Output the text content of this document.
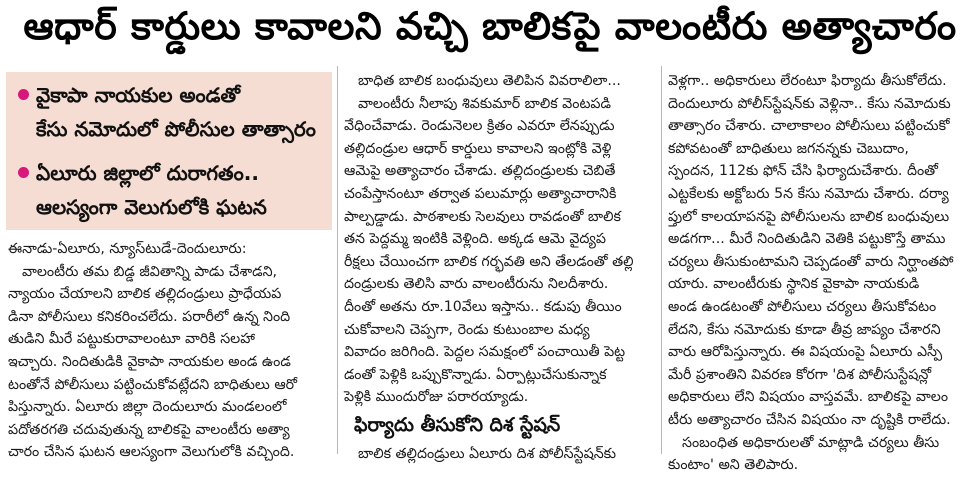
ఆధార్ కార్డులు కావాలని వచ్చి బాలికపై వాలంటీరు అత్యాచారం
వైకాపా నాయకుల అండతో
కేసు నమోదులో పోలీసుల తాత్సారం
ఏలూరు జిల్లాలో దురాగతం..
ఆలస్యంగా వెలుగులోకి ఘటన

ఈనాడు-ఏలూరు, న్యూస్‌టుడే-దెందులూరు:

వాలంటీరు తమ బిడ్డ జీవితాన్ని పాడు చేశాడని,

న్యాయం చేయాలని బాలిక తల్లిదండ్రులు ప్రాధేయప

డినా పోలీసులు కనికరించలేదు. పరారీలో ఉన్న నింది

తుడిని మీరే పట్టుకురావాలంటూ వారికి సలహా

ఇచ్చారు. నిందితుడికి వైకాపా నాయకుల అండ ఉండ

టంతోనే పోలీసులు పట్టించుకోవట్లేదని బాధితులు ఆరో

పిస్తున్నారు. ఏలూరు జిల్లా దెందులూరు మండలంలో

పదోతరగతి చదువుతున్న బాలికపై వాలంటీరు అత్యా

చారం చేసిన ఘటన ఆలస్యంగా వెలుగులోకి వచ్చింది.

బాధిత బాలిక బంధువులు తెలిపిన వివరాలిలా...

వాలంటీరు నీలాపు శివకుమార్ బాలిక వెంటపడి

వేధించేవాడు. రెండునెలల క్రితం ఎవరూ లేనప్పుడు

తల్లిదండ్రుల ఆధార్ కార్డులు కావాలని ఇంట్లోకి వెళ్లి

ఆమెపై అత్యాచారం చేశాడు. తల్లిదండ్రులకు చెబితే

చంపేస్తానంటూ తర్వాత పలుమార్లు అత్యాచారానికి

పాల్పడ్డాడు. పాఠశాలకు సెలవులు రావడంతో బాలిక

తన పెద్దమ్మ ఇంటికి వెళ్లింది. అక్కడ ఆమె వైద్యప

రీక్షలు చేయించగా బాలిక గర్భవతి అని తేలడంతో తల్లి

దండ్రులకు తెలిసి వారు వాలంటీరును నిలదీశారు.

దీంతో అతను రూ.10వేలు ఇస్తాను.. కడుపు తీయిం

చుకోవాలని చెప్పగా, రెండు కుటుంబాల మధ్య

వివాదం జరిగింది. పెద్దల సమక్షంలో పంచాయితీ పెట్ట

డంతో పెళ్లికి ఒప్పుకొన్నాడు. ఏర్పాట్లుచేసుకున్నాక

పెళ్లికి ముందురోజు పరారయ్యాడు.

ఫిర్యాదు తీసుకోని దిశ స్టేషన్

బాలిక తల్లిదండ్రులు ఏలూరు దిశ పోలీస్‌స్టేషన్‌కు

వెళ్లగా.. అధికారులు లేరంటూ ఫిర్యాదు తీసుకోలేదు.

దెందులూరు పోలీస్‌స్టేషన్‌కు వెళ్లినా.. కేసు నమోదుకు

తాత్సారం చేశారు. చాలాకాలం పోలీసులు పట్టించుకో

కపోవటంతో బాధితులు జగనన్నకు చెబుదాం,

స్పందన, 112కు ఫోన్ చేసి ఫిర్యాదుచేశారు. దీంతో

ఎట్టకేలకు అక్టోబరు 5న కేసు నమోదు చేశారు. దర్యా

ప్తులో కాలయాపనపై పోలీసులను బాలిక బంధువులు

అడగగా... మీరే నిందితుడిని వెతికి పట్టుకొస్తే తాము

చర్యలు తీసుకుంటామని చెప్పడంతో వారు నిర్ఘాంతపో

యారు. వాలంటీరుకు స్థానిక వైకాపా నాయకుడి

అండ ఉండటంతో పోలీసులు చర్యలు తీసుకోవటం

లేదని, కేసు నమోదుకు కూడా తీవ్ర జాప్యం చేశారని

వారు ఆరోపిస్తున్నారు. ఈ విషయంపై ఏలూరు ఎస్పీ

మేరీ ప్రశాంతిని వివరణ కోరగా 'దిశ పోలీసుస్టేషన్లో

అధికారులు లేని విషయం వాస్తవమే. బాలికపై వాలం

టీరు అత్యాచారం చేసిన విషయం నా దృష్టికి రాలేదు.

సంబంధిత అధికారులతో మాట్లాడి చర్యలు తీసు

కుంటాం' అని తెలిపారు.
